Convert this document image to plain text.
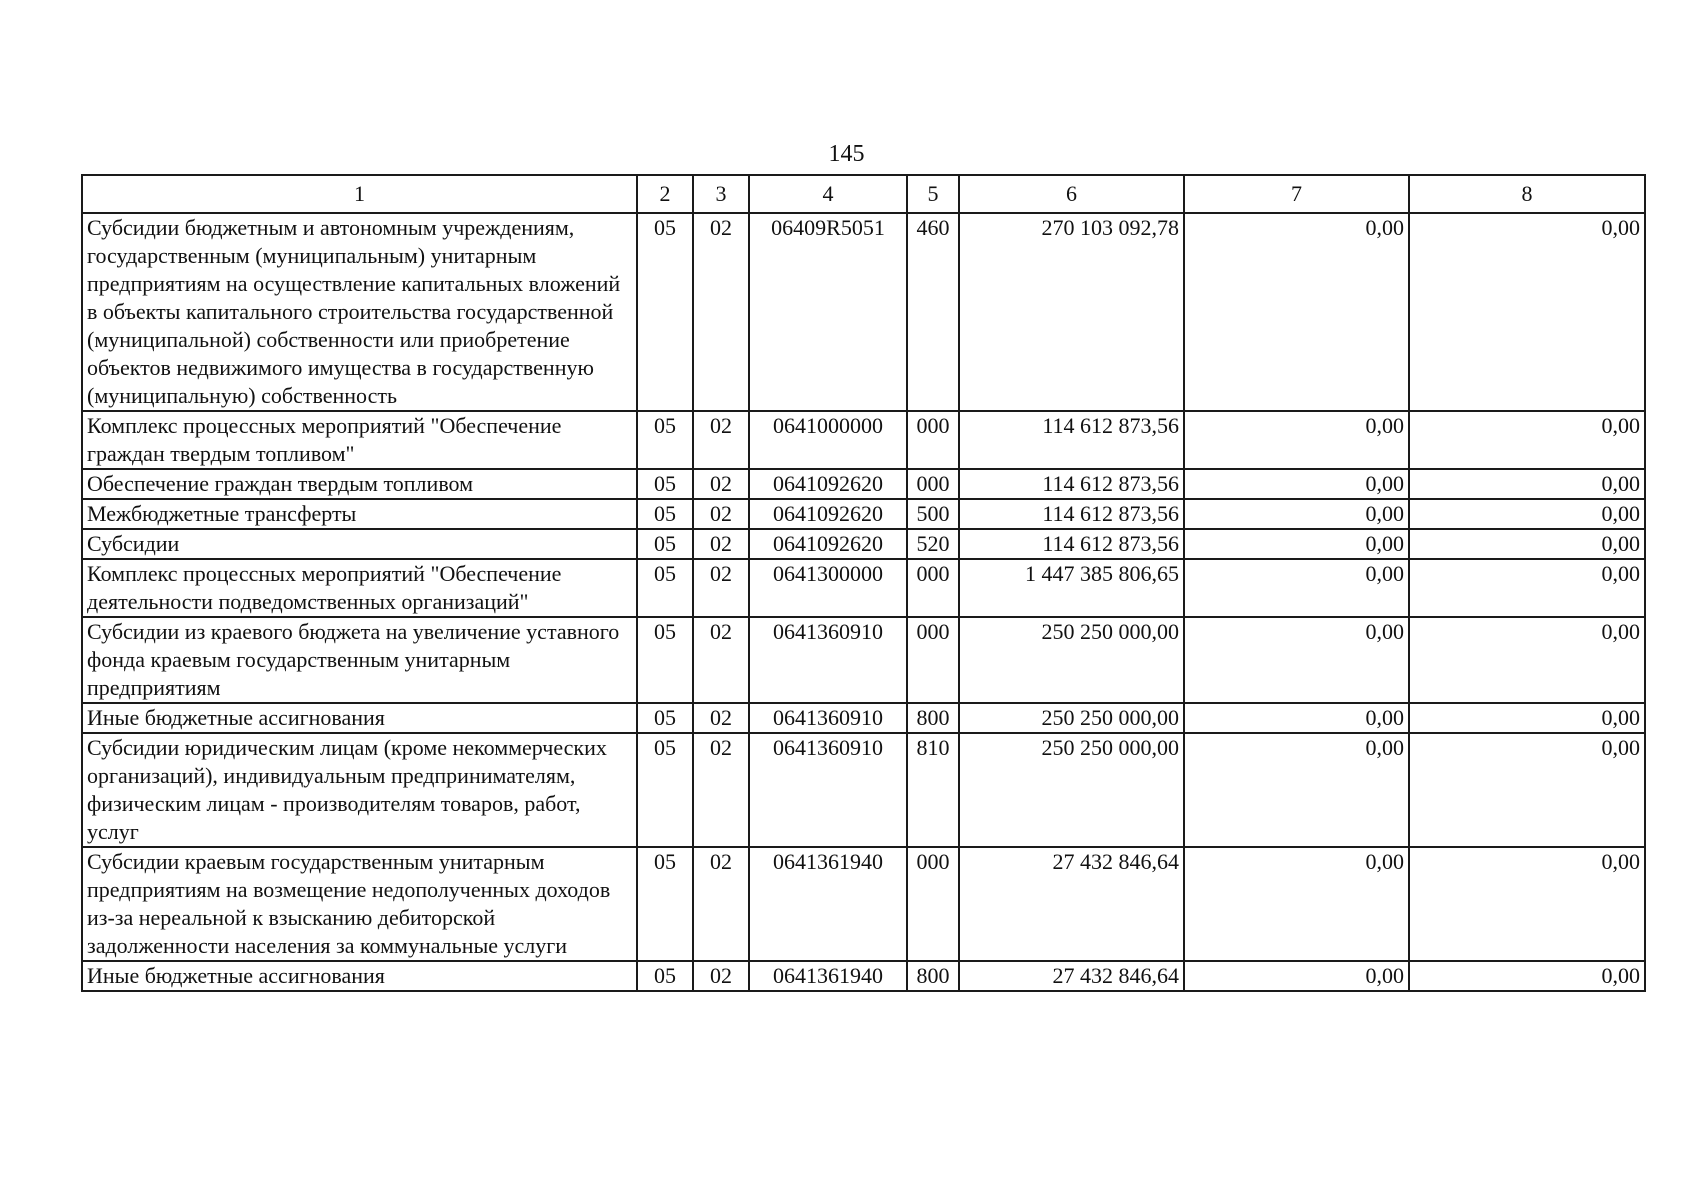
145
1	2	3	4	5	6	7	8
Субсидии бюджетным и автономным учреждениям, государственным (муниципальным) унитарным предприятиям на осуществление капитальных вложений в объекты капитального строительства государственной (муниципальной) собственности или приобретение объектов недвижимого имущества в государственную (муниципальную) собственность	05	02	06409R5051	460	270 103 092,78	0,00	0,00
Комплекс процессных мероприятий "Обеспечение граждан твердым топливом"	05	02	0641000000	000	114 612 873,56	0,00	0,00
Обеспечение граждан твердым топливом	05	02	0641092620	000	114 612 873,56	0,00	0,00
Межбюджетные трансферты	05	02	0641092620	500	114 612 873,56	0,00	0,00
Субсидии	05	02	0641092620	520	114 612 873,56	0,00	0,00
Комплекс процессных мероприятий "Обеспечение деятельности подведомственных организаций"	05	02	0641300000	000	1 447 385 806,65	0,00	0,00
Субсидии из краевого бюджета на увеличение уставного фонда краевым государственным унитарным предприятиям	05	02	0641360910	000	250 250 000,00	0,00	0,00
Иные бюджетные ассигнования	05	02	0641360910	800	250 250 000,00	0,00	0,00
Субсидии юридическим лицам (кроме некоммерческих организаций), индивидуальным предпринимателям, физическим лицам - производителям товаров, работ, услуг	05	02	0641360910	810	250 250 000,00	0,00	0,00
Субсидии краевым государственным унитарным предприятиям на возмещение недополученных доходов из-за нереальной к взысканию дебиторской задолженности населения за коммунальные услуги	05	02	0641361940	000	27 432 846,64	0,00	0,00
Иные бюджетные ассигнования	05	02	0641361940	800	27 432 846,64	0,00	0,00
